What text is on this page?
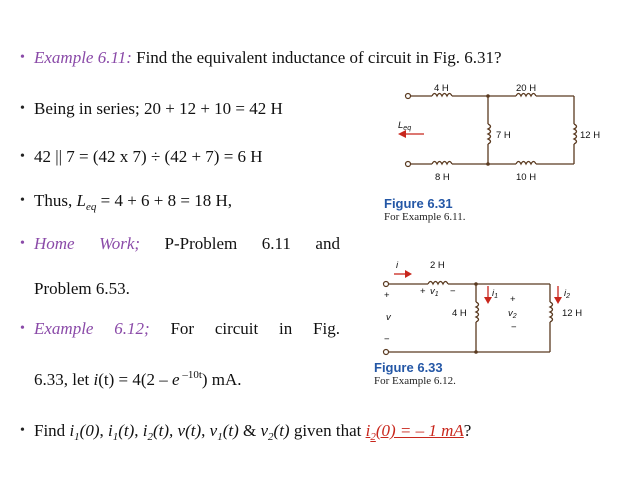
• Example 6.11: Find the equivalent inductance of circuit in Fig. 6.31?
• Being in series; 20 + 12 + 10 = 42 H
• 42 || 7 = (42 x 7) ÷ (42 + 7) = 6 H
• Thus, $L_{eq} = 4 + 6 + 8 = 18$ H,
• Home Work; P-Problem 6.11 and
Problem 6.53.
• Example 6.12; For circuit in Fig.
6.33, let i(t) = 4(2 – e $^{-10t}$) mA.
• Find $i_1(0)$, $i_1(t)$, $i_2(t)$, v(t), $v_1(t)$ & $v_2(t)$ given that $i_2(0)$ = – 1 mA?
4 H	20 H
7 H	12 H
8 H	10 H
$L_{eq}$
Figure 6.31
For Example 6.11.
i	2 H
+ $v_1$ −
+
v
−
$i_1$
4 H
+
$v_2$
−
$i_2$
12 H
Figure 6.33
For Example 6.12.
